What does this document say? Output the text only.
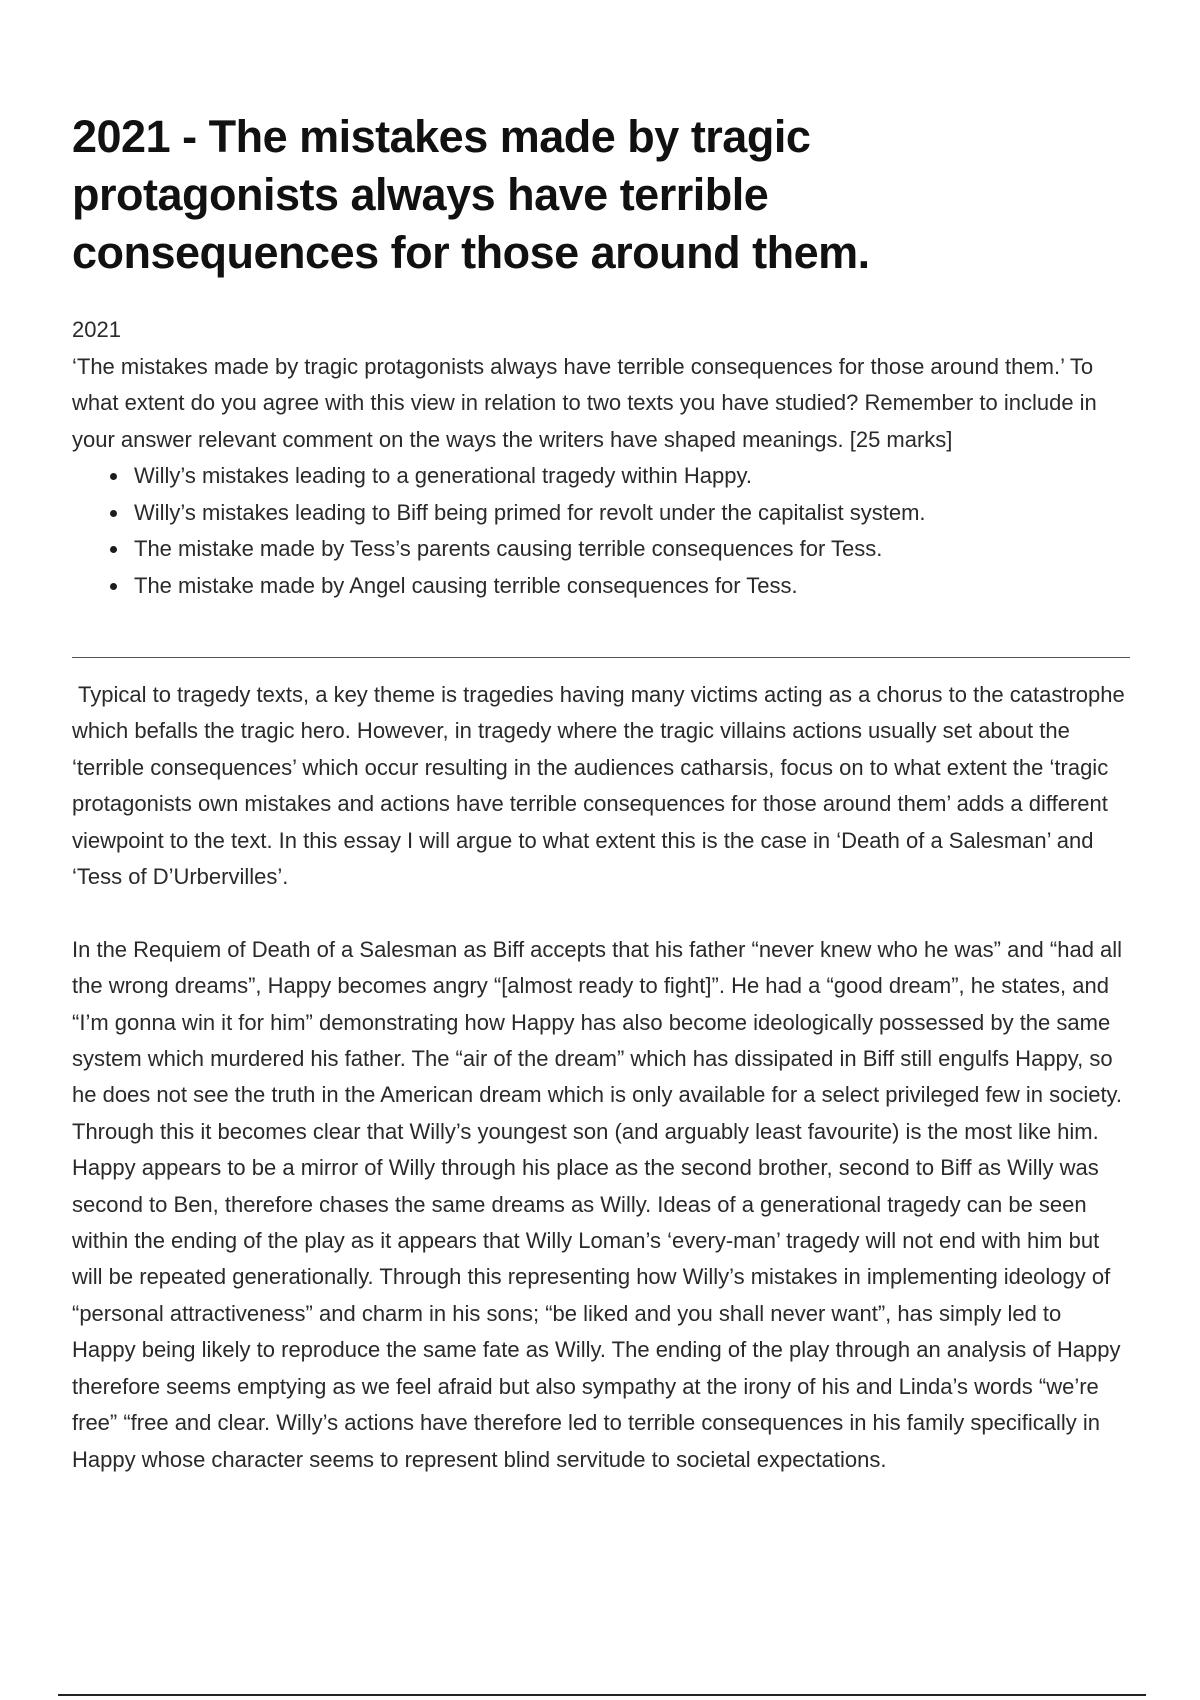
2021 - The mistakes made by tragic protagonists always have terrible consequences for those around them.

2021

‘The mistakes made by tragic protagonists always have terrible consequences for those around them.’ To what extent do you agree with this view in relation to two texts you have studied? Remember to include in your answer relevant comment on the ways the writers have shaped meanings. [25 marks]

Willy’s mistakes leading to a generational tragedy within Happy.
Willy’s mistakes leading to Biff being primed for revolt under the capitalist system.
The mistake made by Tess’s parents causing terrible consequences for Tess.
The mistake made by Angel causing terrible consequences for Tess.

Typical to tragedy texts, a key theme is tragedies having many victims acting as a chorus to the catastrophe which befalls the tragic hero. However, in tragedy where the tragic villains actions usually set about the ‘terrible consequences’ which occur resulting in the audiences catharsis, focus on to what extent the ‘tragic protagonists own mistakes and actions have terrible consequences for those around them’ adds a different viewpoint to the text. In this essay I will argue to what extent this is the case in ‘Death of a Salesman’ and ‘Tess of D’Urbervilles’.

In the Requiem of Death of a Salesman as Biff accepts that his father “never knew who he was” and “had all the wrong dreams”, Happy becomes angry “[almost ready to fight]”. He had a “good dream”, he states, and “I’m gonna win it for him” demonstrating how Happy has also become ideologically possessed by the same system which murdered his father. The “air of the dream” which has dissipated in Biff still engulfs Happy, so he does not see the truth in the American dream which is only available for a select privileged few in society. Through this it becomes clear that Willy’s youngest son (and arguably least favourite) is the most like him. Happy appears to be a mirror of Willy through his place as the second brother, second to Biff as Willy was second to Ben, therefore chases the same dreams as Willy. Ideas of a generational tragedy can be seen within the ending of the play as it appears that Willy Loman’s ‘every-man’ tragedy will not end with him but will be repeated generationally. Through this representing how Willy’s mistakes in implementing ideology of “personal attractiveness” and charm in his sons; “be liked and you shall never want”, has simply led to Happy being likely to reproduce the same fate as Willy. The ending of the play through an analysis of Happy therefore seems emptying as we feel afraid but also sympathy at the irony of his and Linda’s words “we’re free” “free and clear. Willy’s actions have therefore led to terrible consequences in his family specifically in Happy whose character seems to represent blind servitude to societal expectations.
